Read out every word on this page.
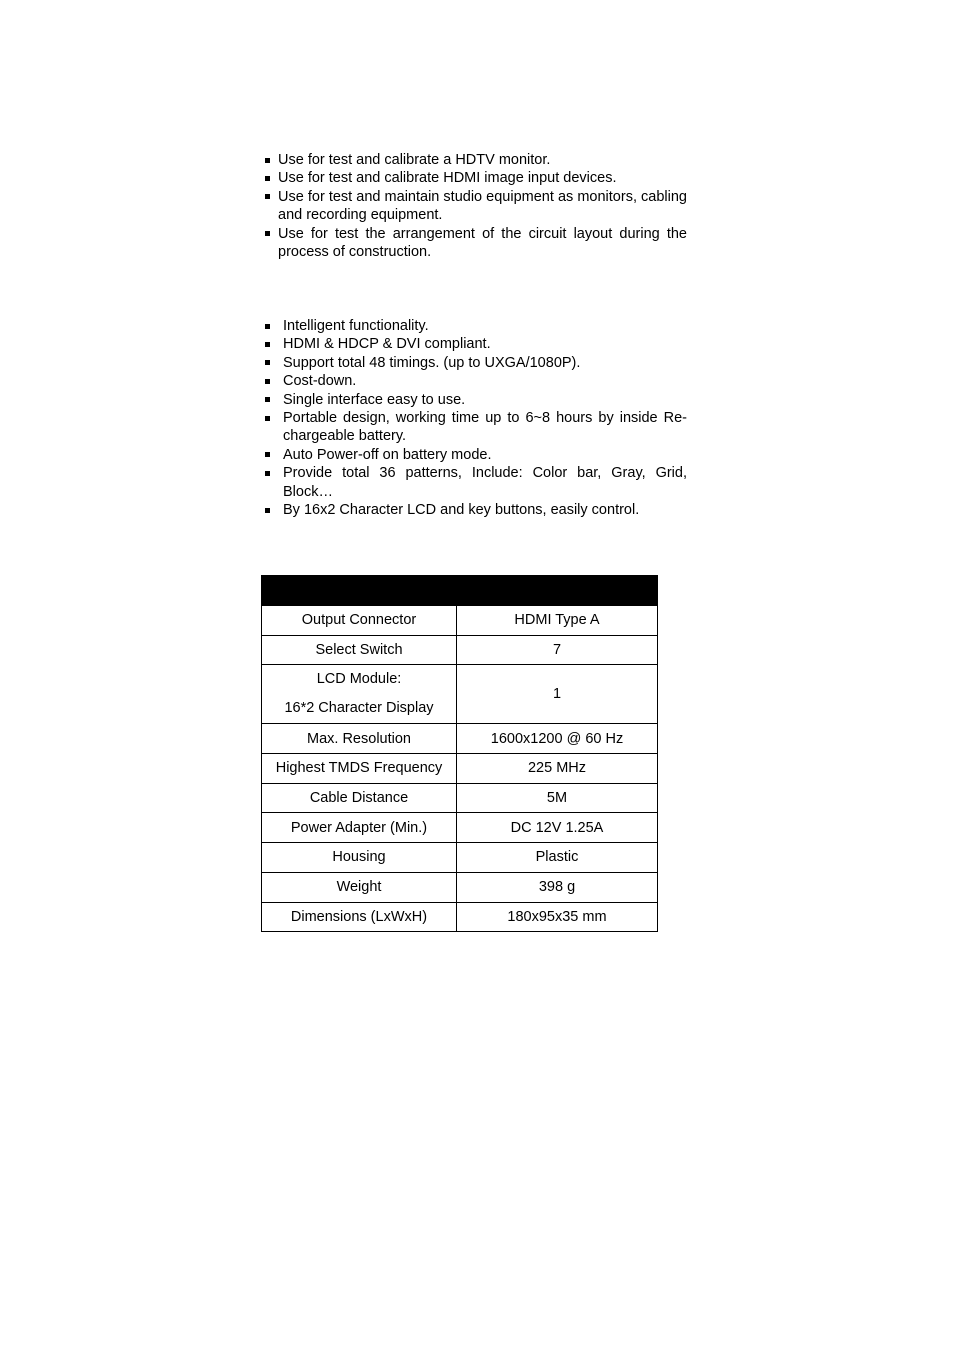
Use for test and calibrate a HDTV monitor.
Use for test and calibrate HDMI image input devices.
Use for test and maintain studio equipment as monitors, cabling and recording equipment.
Use for test the arrangement of the circuit layout during the process of construction.
Intelligent functionality.
HDMI & HDCP & DVI compliant.
Support total 48 timings. (up to UXGA/1080P).
Cost-down.
Single interface easy to use.
Portable design, working time up to 6~8 hours by inside Re-chargeable battery.
Auto Power-off on battery mode.
Provide total 36 patterns, Include: Color bar, Gray, Grid, Block…
By 16x2 Character LCD and key buttons, easily control.

Output Connector	HDMI Type A
Select Switch	7

LCD Module:
16*2 Character Display	1
Max. Resolution	1600x1200 @ 60 Hz
Highest TMDS Frequency	225 MHz
Cable Distance	5M
Power Adapter (Min.)	DC 12V 1.25A
Housing	Plastic
Weight	398 g
Dimensions (LxWxH)	180x95x35 mm
